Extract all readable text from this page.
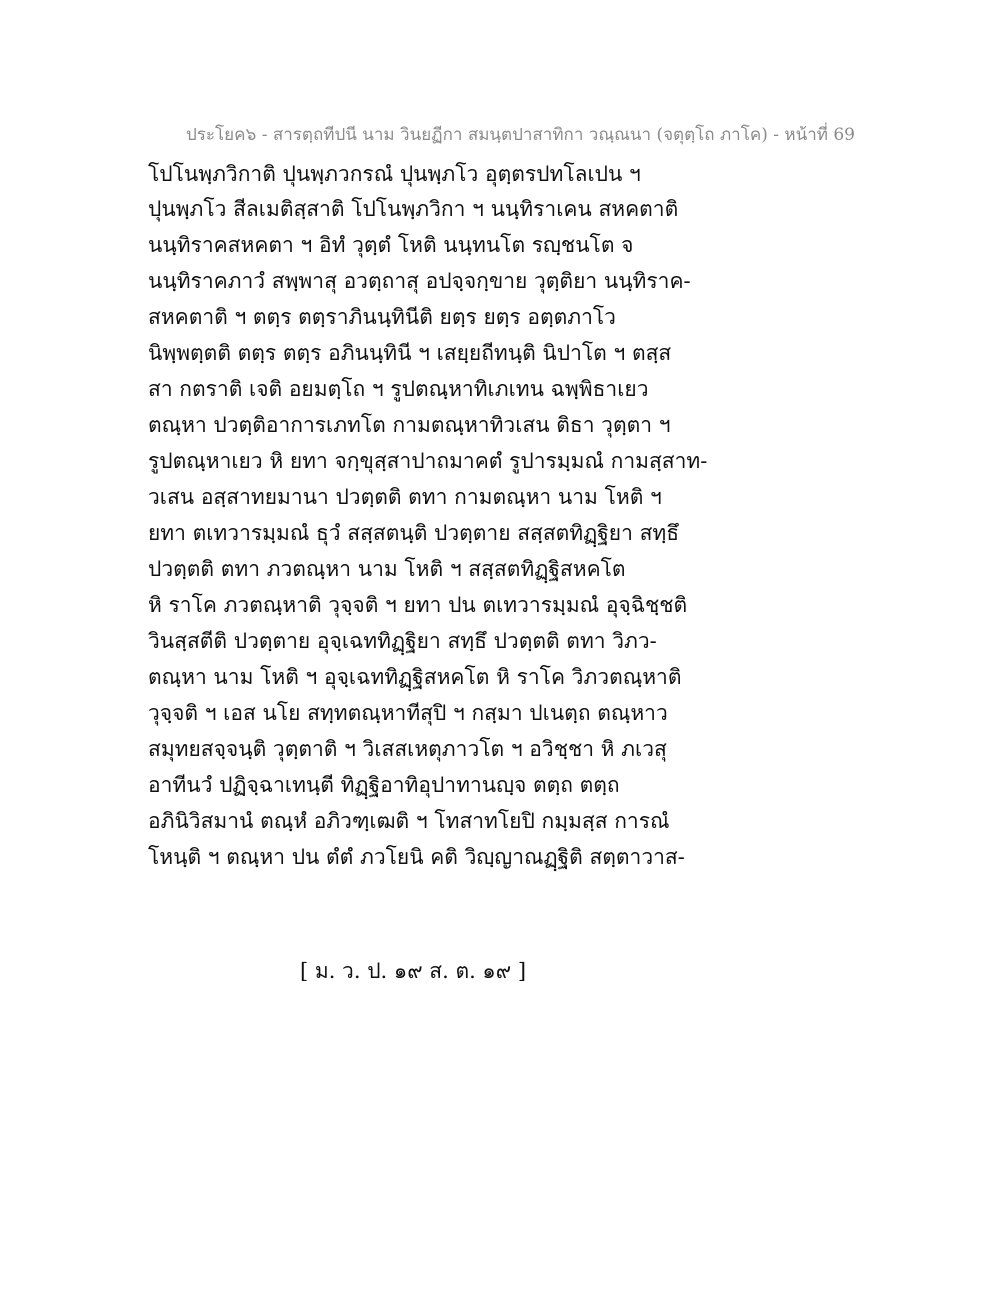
ประโยค๖ - สารตฺถทีปนี นาม วินยฏีกา สมนฺตปาสาทิกา วณฺณนา (จตุตฺโถ ภาโค) - หน้าที่ 69
โปโนพฺภวิกาติ ปุนพฺภวกรณํ ปุนพฺภโว อุตฺตรปทโลเปน ฯ
ปุนพฺภโว สีลเมติสฺสาติ โปโนพฺภวิกา ฯ นนฺทิราเคน สหคตาติ
นนฺทิราคสหคตา ฯ อิทํ วุตฺตํ โหติ นนฺทนโต รญฺชนโต จ
นนฺทิราคภาวํ สพฺพาสุ อวตฺถาสุ อปจฺจกฺขาย วุตฺติยา นนฺทิราค-
สหคตาติ ฯ ตตฺร ตตฺราภินนฺทินีติ ยตฺร ยตฺร อตฺตภาโว
นิพฺพตฺตติ ตตฺร ตตฺร อภินนฺทินี ฯ เสยฺยถีทนฺติ นิปาโต ฯ ตสฺส
สา กตราติ เจติ อยมตฺโถ ฯ รูปตณฺหาทิเภเทน ฉพฺพิธาเยว
ตณฺหา ปวตฺติอาการเภทโต กามตณฺหาทิวเสน ติธา วุตฺตา ฯ
รูปตณฺหาเยว หิ ยทา จกฺขุสฺสาปาถมาคตํ รูปารมฺมณํ กามสฺสาท-
วเสน อสฺสาทยมานา ปวตฺตติ ตทา กามตณฺหา นาม โหติ ฯ
ยทา ตเทวารมฺมณํ ธุวํ สสฺสตนฺติ ปวตฺตาย สสฺสตทิฏฺฐิยา สทฺธึ
ปวตฺตติ ตทา ภวตณฺหา นาม โหติ ฯ สสฺสตทิฏฺฐิสหคโต
หิ ราโค ภวตณฺหาติ วุจฺจติ ฯ ยทา ปน ตเทวารมฺมณํ อุจฺฉิชฺชติ
วินสฺสตีติ ปวตฺตาย อุจฺเฉททิฏฺฐิยา สทฺธึ ปวตฺตติ ตทา วิภว-
ตณฺหา นาม โหติ ฯ อุจฺเฉททิฏฺฐิสหคโต หิ ราโค วิภวตณฺหาติ
วุจฺจติ ฯ เอส นโย สทฺทตณฺหาทีสุปิ ฯ กสฺมา ปเนตฺถ ตณฺหาว
สมุทยสจฺจนฺติ วุตฺตาติ ฯ วิเสสเหตุภาวโต ฯ อวิชฺชา หิ ภเวสุ
อาทีนวํ ปฏิจฺฉาเทนฺตี ทิฏฺฐิอาทิอุปาทานญฺจ ตตฺถ ตตฺถ
อภินิวิสมานํ ตณฺหํ อภิวฑฺเฒติ ฯ โทสาทโยปิ กมฺมสฺส การณํ
โหนฺติ ฯ ตณฺหา ปน ตํตํ ภวโยนิ คติ วิญฺญาณฏฺฐิติ สตฺตาวาส-
[ ม. ว. ป. ๑๙ ส. ต. ๑๙ ]
